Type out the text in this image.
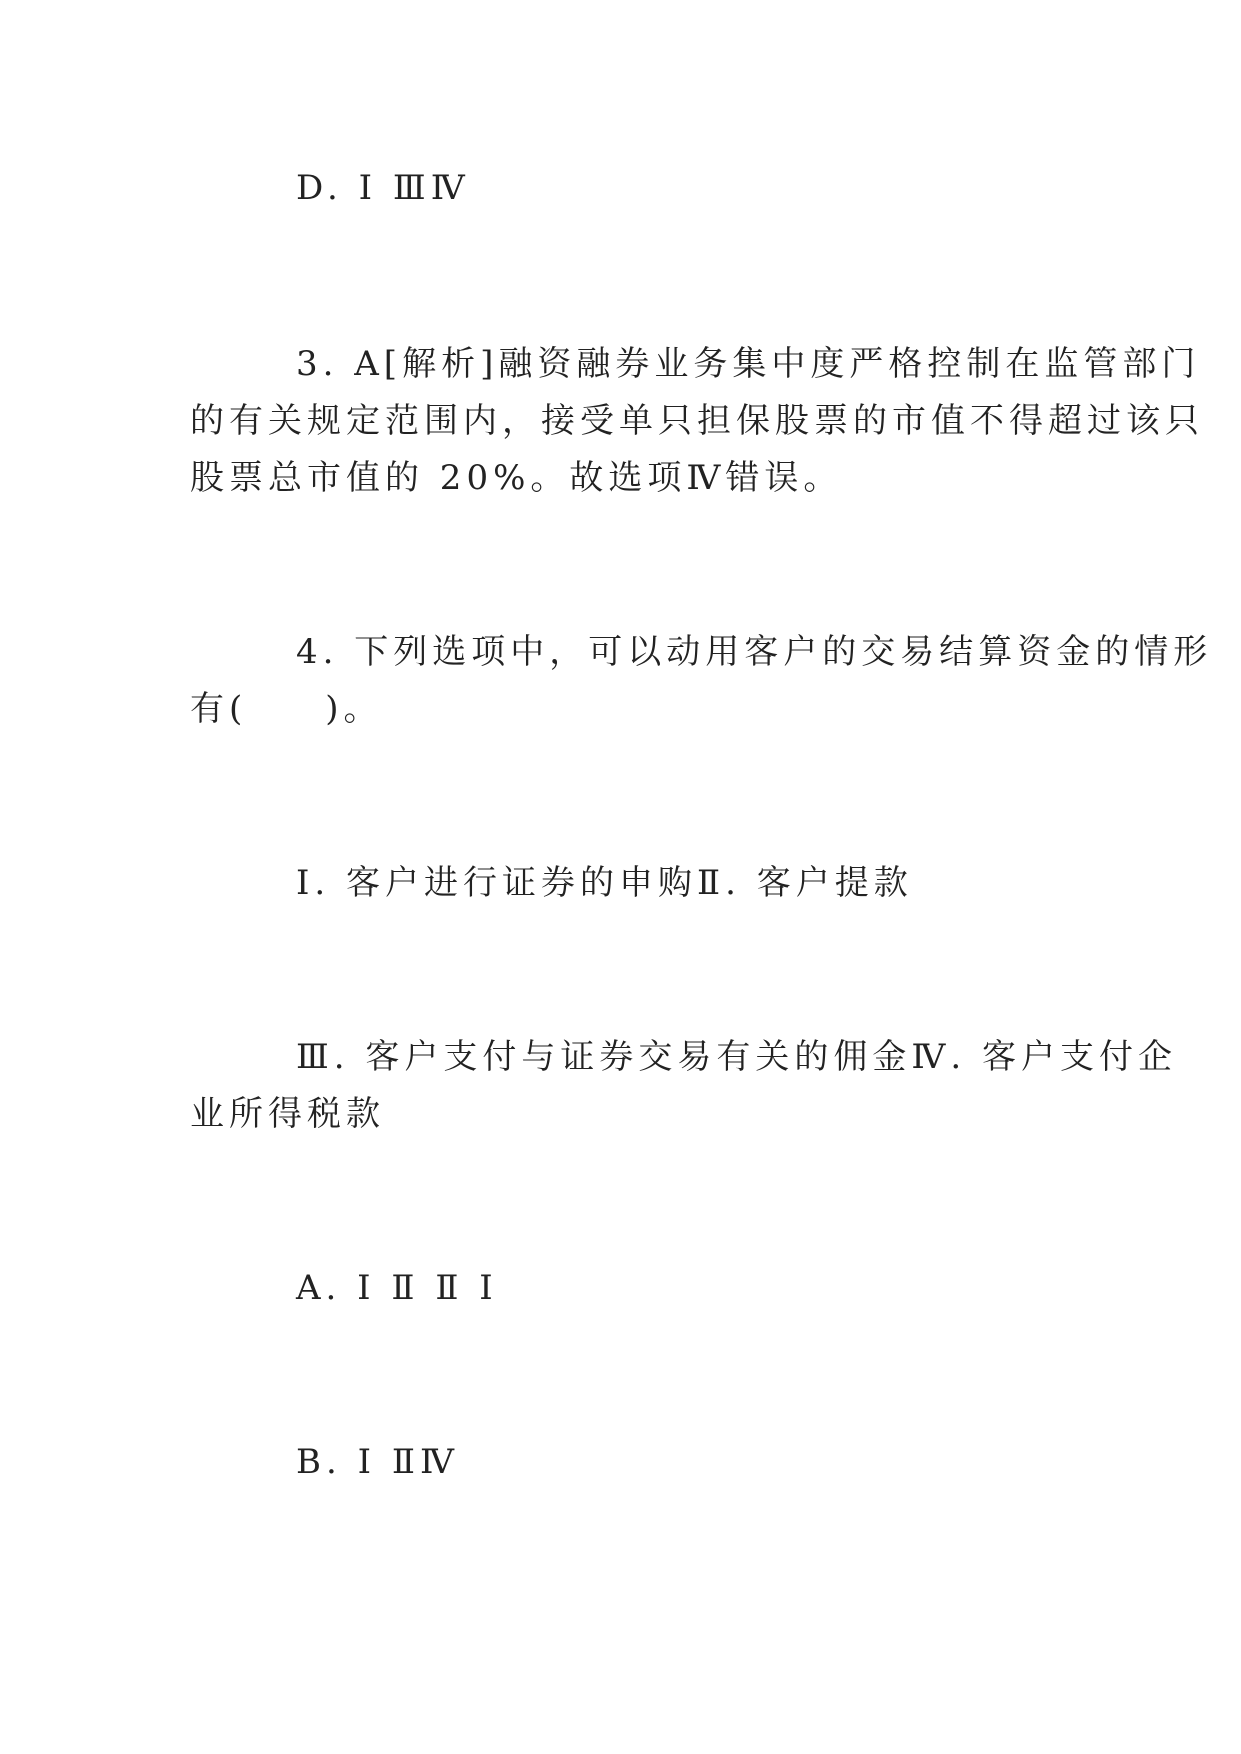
D. Ⅰ ⅢⅣ
3. A[解析]融资融券业务集中度严格控制在监管部门
的有关规定范围内，接受单只担保股票的市值不得超过该只
股票总市值的 20%。故选项Ⅳ错误。
4. 下列选项中，可以动用客户的交易结算资金的情形
有(　　)。
Ⅰ. 客户进行证券的申购Ⅱ. 客户提款
Ⅲ. 客户支付与证券交易有关的佣金Ⅳ. 客户支付企
业所得税款
A. Ⅰ Ⅱ Ⅱ Ⅰ
B. Ⅰ ⅡⅣ
